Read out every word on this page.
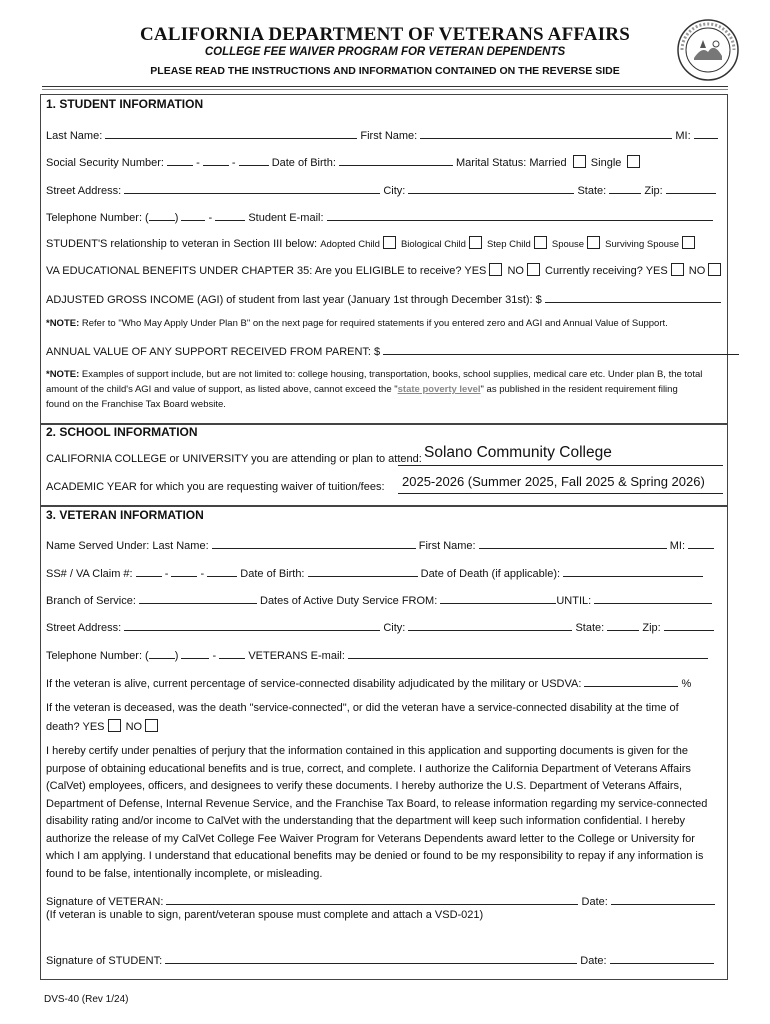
CALIFORNIA DEPARTMENT OF VETERANS AFFAIRS
COLLEGE FEE WAIVER PROGRAM FOR VETERAN DEPENDENTS
PLEASE READ THE INSTRUCTIONS AND INFORMATION CONTAINED ON THE REVERSE SIDE
1. STUDENT INFORMATION
Last Name:	First Name:	MI:
Social Security Number:	-  -	Date of Birth:	Marital Status: Married Single
Street Address:	City:	State:	Zip:
Telephone Number: ( )  -	Student E-mail:
STUDENT'S relationship to veteran in Section III below: Adopted Child Biological Child Step Child Spouse Surviving Spouse
VA EDUCATIONAL BENEFITS UNDER CHAPTER 35: Are you ELIGIBLE to receive? YES NO Currently receiving? YES NO
ADJUSTED GROSS INCOME (AGI) of student from last year (January 1st through December 31st): $
*NOTE: Refer to "Who May Apply Under Plan B" on the next page for required statements if you entered zero and AGI and Annual Value of Support.
ANNUAL VALUE OF ANY SUPPORT RECEIVED FROM PARENT: $
*NOTE: Examples of support include, but are not limited to: college housing, transportation, books, school supplies, medical care etc. Under plan B, the total
amount of the child's AGI and value of support, as listed above, cannot exceed the "state poverty level" as published in the resident requirement filing
found on the Franchise Tax Board website.
2. SCHOOL INFORMATION
CALIFORNIA COLLEGE or UNIVERSITY you are attending or plan to attend: Solano Community College
ACADEMIC YEAR for which you are requesting waiver of tuition/fees: 2025-2026 (Summer 2025, Fall 2025 & Spring 2026)
3. VETERAN INFORMATION
Name Served Under: Last Name:	First Name:	MI:
SS# / VA Claim #:	-  -	Date of Birth:	Date of Death (if applicable):
Branch of Service:	Dates of Active Duty Service FROM:	UNTIL:
Street Address:	City:	State:	Zip:
Telephone Number: ( )	-	VETERANS E-mail:
If the veteran is alive, current percentage of service-connected disability adjudicated by the military or USDVA:	%
If the veteran is deceased, was the death "service-connected", or did the veteran have a service-connected disability at the time of
death? YES NO
I hereby certify under penalties of perjury that the information contained in this application and supporting documents is given for the purpose of obtaining educational benefits and is true, correct, and complete. I authorize the California Department of Veterans Affairs (CalVet) employees, officers, and designees to verify these documents. I hereby authorize the U.S. Department of Veterans Affairs, Department of Defense, Internal Revenue Service, and the Franchise Tax Board, to release information regarding my service-connected disability rating and/or income to CalVet with the understanding that the department will keep such information confidential. I hereby authorize the release of my CalVet College Fee Waiver Program for Veterans Dependents award letter to the College or University for which I am applying. I understand that educational benefits may be denied or found to be my responsibility to repay if any information is found to be false, intentionally incomplete, or misleading.
Signature of VETERAN:	Date:
(If veteran is unable to sign, parent/veteran spouse must complete and attach a VSD-021)
Signature of STUDENT:	Date:
DVS-40 (Rev 1/24)
